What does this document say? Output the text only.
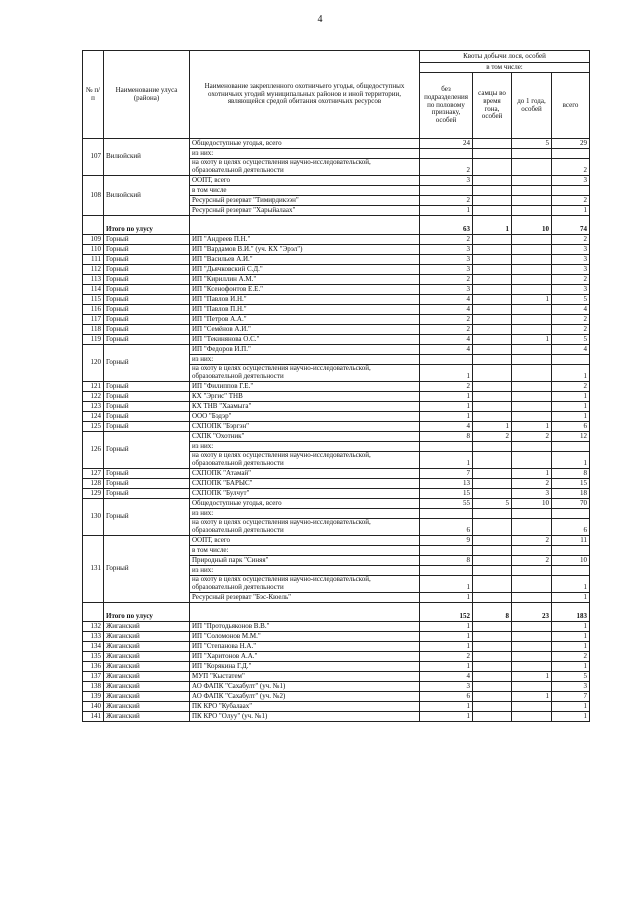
4
№ п/п	Наименование улуса (района)	Наименование закрепленного охотничьего угодья, общедоступных охотничьих угодий муниципальных районов и иной территории, являющейся средой обитания охотничьих ресурсов	Квоты добычи лося, особей			
			в том числе:			
			без подразделения по половому признаку, особей	самцы во время гона, особей	до 1 года, особей	всего
107	Вилюйский	Общедоступные угодья, всего	24		5	29
		из них:				
		на охоту в целях осуществления научно-исследовательской, образовательной деятельности	2			2
108	Вилюйский	ООПТ, всего	3			3
		в том числе				
		Ресурсный резерват "Тимирдикээн"	2			2
		Ресурсный резерват "Харыйалаах"	1			1
	Итого по улусу		63	1	10	74
109	Горный	ИП "Андреев П.Н."	2			2
110	Горный	ИП "Вардамов В.И." (уч. КХ "Эрэл")	3			3
111	Горный	ИП "Васильев А.И."	3			3
112	Горный	ИП "Дьячковский С.Д."	3			3
113	Горный	ИП "Кириллин А.М."	2			2
114	Горный	ИП "Ксенофонтов Е.Е."	3			3
115	Горный	ИП "Павлов И.Н."	4		1	5
116	Горный	ИП "Павлов П.Н."	4			4
117	Горный	ИП "Петров А.А."	2			2
118	Горный	ИП "Семёнов А.И."	2			2
119	Горный	ИП "Текинянова О.С."	4		1	5
120	Горный	ИП "Федоров И.П."	4			4
		из них:				
		на охоту в целях осуществления научно-исследовательской, образовательной деятельности	1			1
121	Горный	ИП "Филиппов Г.Е."	2			2
122	Горный	КХ "Эргис" ТНВ	1			1
123	Горный	КХ ТНВ "Хаамыга"	1			1
124	Горный	ООО "Бэдэр"	1			1
125	Горный	СХПОПК "Бэргэн"	4	1	1	6
126	Горный	СХПК "Охотник"	8	2	2	12
		из них:				
		на охоту в целях осуществления научно-исследовательской, образовательной деятельности	1			1
127	Горный	СХПОПК "Атамай"	7		1	8
128	Горный	СХПОПК "БАРЫС"	13		2	15
129	Горный	СХПОПК "Булчут"	15		3	18
130	Горный	Общедоступные угодья, всего	55	5	10	70
		из них:				
		на охоту в целях осуществления научно-исследовательской, образовательной деятельности	6			6
131	Горный	ООПТ, всего	9		2	11
		в том числе:				
		Природный парк "Синяя"	8		2	10
		из них:				
		на охоту в целях осуществления научно-исследовательской, образовательной деятельности	1			1
		Ресурсный резерват "Бэс-Кюель"	1			1
	Итого по улусу		152	8	23	183
132	Жиганский	ИП "Протодьяконов В.В."	1			1
133	Жиганский	ИП "Соломонов М.М."	1			1
134	Жиганский	ИП "Степанова Н.А."	1			1
135	Жиганский	ИП "Харитонов А.А."	2			2
136	Жиганский	ИП "Корякина Г.Д."	1			1
137	Жиганский	МУП "Кыстатем"	4		1	5
138	Жиганский	АО ФАПК "Сахабулт" (уч. №1)	3			3
139	Жиганский	АО ФАПК "Сахабулт" (уч. №2)	6		1	7
140	Жиганский	ПК КРО "Кубалаах"	1			1
141	Жиганский	ПК КРО "Олуу" (уч. №1)	1			1
